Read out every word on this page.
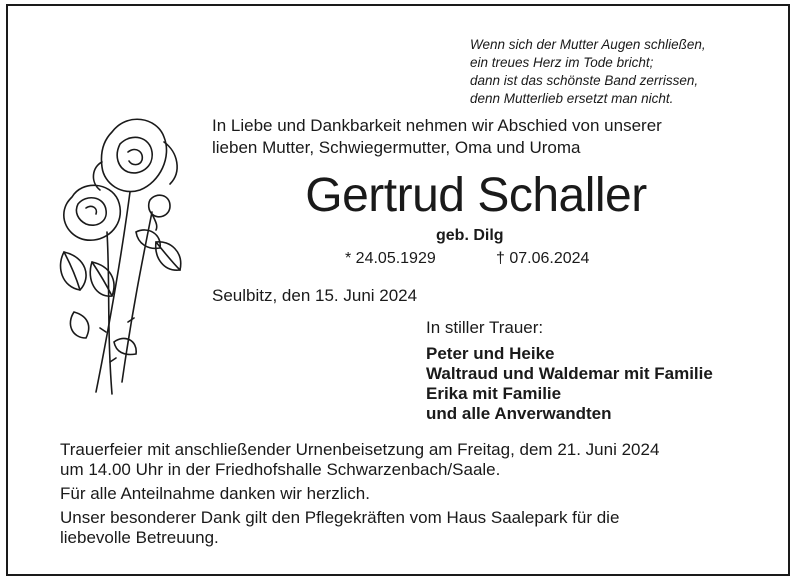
Wenn sich der Mutter Augen schließen,
ein treues Herz im Tode bricht;
dann ist das schönste Band zerrissen,
denn Mutterlieb ersetzt man nicht.
In Liebe und Dankbarkeit nehmen wir Abschied von unserer
lieben Mutter, Schwiegermutter, Oma und Uroma
Gertrud Schaller
geb. Dilg
* 24.05.1929	† 07.06.2024
Seulbitz, den 15. Juni 2024
In stiller Trauer:
Peter und Heike
Waltraud und Waldemar mit Familie
Erika mit Familie
und alle Anverwandten
Trauerfeier mit anschließender Urnenbeisetzung am Freitag, dem 21. Juni 2024
um 14.00 Uhr in der Friedhofshalle Schwarzenbach/Saale.
Für alle Anteilnahme danken wir herzlich.
Unser besonderer Dank gilt den Pflegekräften vom Haus Saalepark für die
liebevolle Betreuung.
